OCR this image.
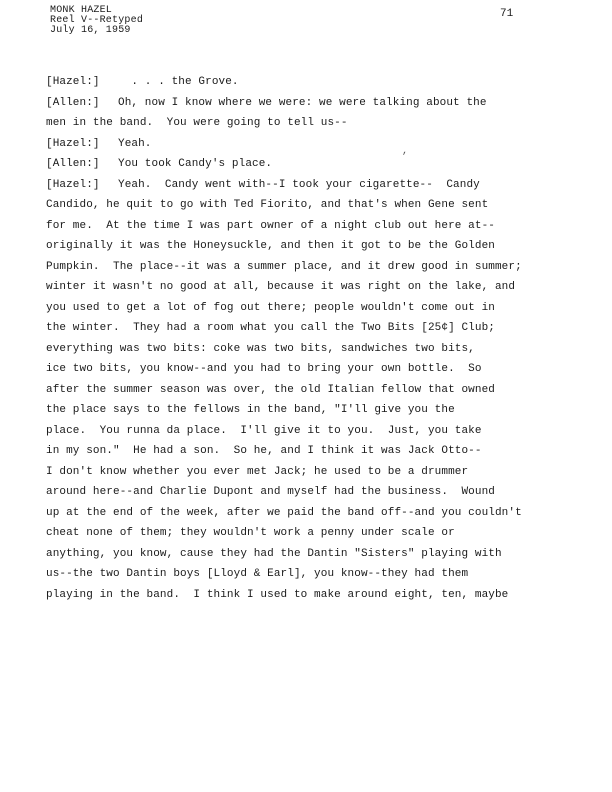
MONK HAZEL
Reel V--Retyped
July 16, 1959
71
[Hazel:]  . . . the Grove.
[Allen:] Oh, now I know where we were: we were talking about the
men in the band.  You were going to tell us--
[Hazel:] Yeah.
[Allen:] You took Candy's place.
[Hazel:] Yeah.  Candy went with--I took your cigarette--  Candy
Candido, he quit to go with Ted Fiorito, and that's when Gene sent
for me.  At the time I was part owner of a night club out here at--
originally it was the Honeysuckle, and then it got to be the Golden
Pumpkin.  The place--it was a summer place, and it drew good in summer;
winter it wasn't no good at all, because it was right on the lake, and
you used to get a lot of fog out there; people wouldn't come out in
the winter.  They had a room what you call the Two Bits [25¢] Club;
everything was two bits: coke was two bits, sandwiches two bits,
ice two bits, you know--and you had to bring your own bottle.  So
after the summer season was over, the old Italian fellow that owned
the place says to the fellows in the band, "I'll give you the
place.  You runna da place.  I'll give it to you.  Just, you take
in my son."  He had a son.  So he, and I think it was Jack Otto--
I don't know whether you ever met Jack; he used to be a drummer
around here--and Charlie Dupont and myself had the business.  Wound
up at the end of the week, after we paid the band off--and you couldn't
cheat none of them; they wouldn't work a penny under scale or
anything, you know, cause they had the Dantin "Sisters" playing with
us--the two Dantin boys [Lloyd & Earl], you know--they had them
playing in the band.  I think I used to make around eight, ten, maybe
,
